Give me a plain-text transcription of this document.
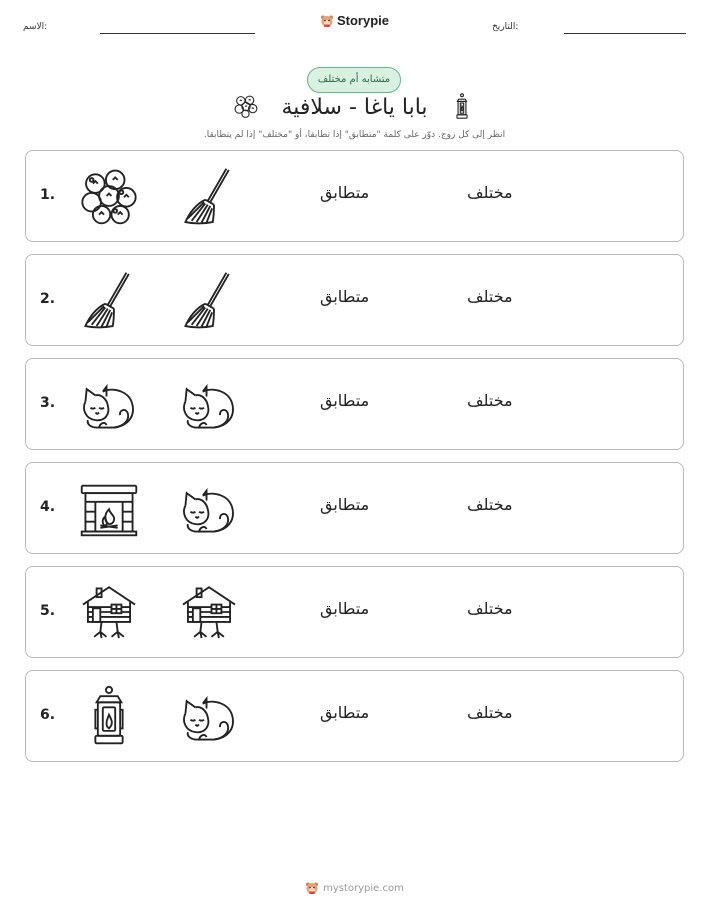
الاسم:	Storypie	التاريخ:
متشابه أم مختلف
بابا ياغا - سلافية
انظر إلى كل زوج. دوّر على كلمة "متطابق" إذا تطابقا، أو "مختلف" إذا لم يتطابقا.
1.	متطابق	مختلف
2.	متطابق	مختلف
3.	متطابق	مختلف
4.	متطابق	مختلف
5.	متطابق	مختلف
6.	متطابق	مختلف
mystorypie.com
